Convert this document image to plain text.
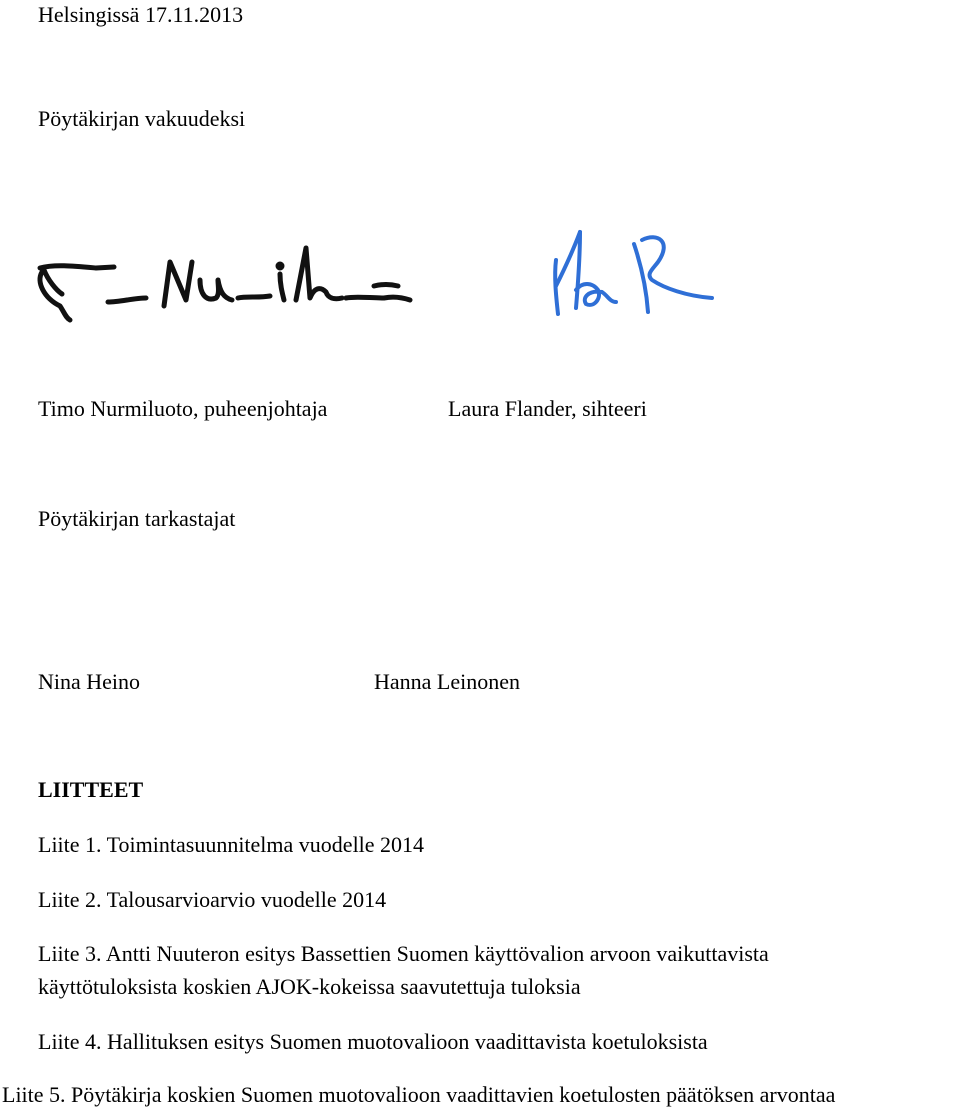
Helsingissä 17.11.2013

Pöytäkirjan vakuudeksi

Timo Nurmiluoto, puheenjohtaja	Laura Flander, sihteeri

Pöytäkirjan tarkastajat

Nina Heino	Hanna Leinonen

LIITTEET

Liite 1. Toimintasuunnitelma vuodelle 2014

Liite 2. Talousarvioarvio vuodelle 2014

Liite 3. Antti Nuuteron esitys Bassettien Suomen käyttövalion arvoon vaikuttavista

käyttötuloksista koskien AJOK-kokeissa saavutettuja tuloksia

Liite 4. Hallituksen esitys Suomen muotovalioon vaadittavista koetuloksista

Liite 5. Pöytäkirja koskien Suomen muotovalioon vaadittavien koetulosten päätöksen arvontaa
